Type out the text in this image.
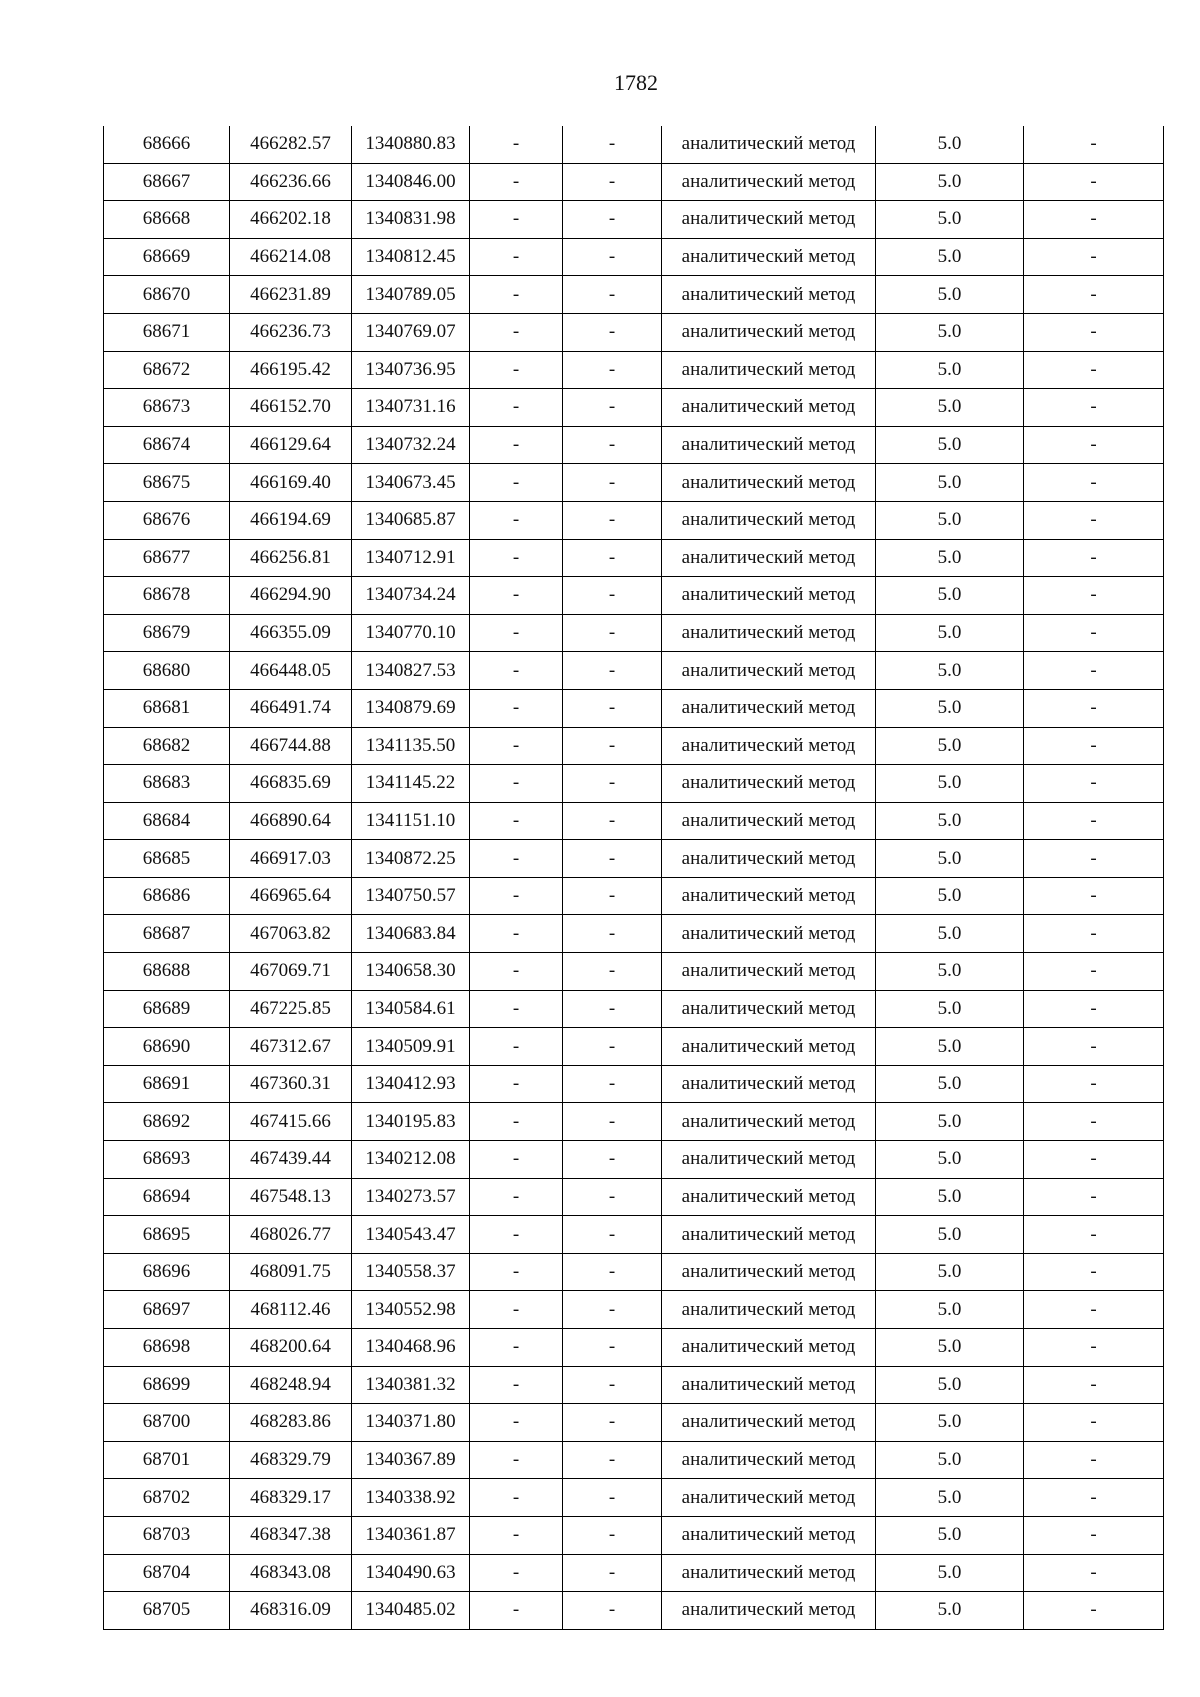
1782
68666	466282.57	1340880.83	-	-	аналитический метод	5.0	-
68667	466236.66	1340846.00	-	-	аналитический метод	5.0	-
68668	466202.18	1340831.98	-	-	аналитический метод	5.0	-
68669	466214.08	1340812.45	-	-	аналитический метод	5.0	-
68670	466231.89	1340789.05	-	-	аналитический метод	5.0	-
68671	466236.73	1340769.07	-	-	аналитический метод	5.0	-
68672	466195.42	1340736.95	-	-	аналитический метод	5.0	-
68673	466152.70	1340731.16	-	-	аналитический метод	5.0	-
68674	466129.64	1340732.24	-	-	аналитический метод	5.0	-
68675	466169.40	1340673.45	-	-	аналитический метод	5.0	-
68676	466194.69	1340685.87	-	-	аналитический метод	5.0	-
68677	466256.81	1340712.91	-	-	аналитический метод	5.0	-
68678	466294.90	1340734.24	-	-	аналитический метод	5.0	-
68679	466355.09	1340770.10	-	-	аналитический метод	5.0	-
68680	466448.05	1340827.53	-	-	аналитический метод	5.0	-
68681	466491.74	1340879.69	-	-	аналитический метод	5.0	-
68682	466744.88	1341135.50	-	-	аналитический метод	5.0	-
68683	466835.69	1341145.22	-	-	аналитический метод	5.0	-
68684	466890.64	1341151.10	-	-	аналитический метод	5.0	-
68685	466917.03	1340872.25	-	-	аналитический метод	5.0	-
68686	466965.64	1340750.57	-	-	аналитический метод	5.0	-
68687	467063.82	1340683.84	-	-	аналитический метод	5.0	-
68688	467069.71	1340658.30	-	-	аналитический метод	5.0	-
68689	467225.85	1340584.61	-	-	аналитический метод	5.0	-
68690	467312.67	1340509.91	-	-	аналитический метод	5.0	-
68691	467360.31	1340412.93	-	-	аналитический метод	5.0	-
68692	467415.66	1340195.83	-	-	аналитический метод	5.0	-
68693	467439.44	1340212.08	-	-	аналитический метод	5.0	-
68694	467548.13	1340273.57	-	-	аналитический метод	5.0	-
68695	468026.77	1340543.47	-	-	аналитический метод	5.0	-
68696	468091.75	1340558.37	-	-	аналитический метод	5.0	-
68697	468112.46	1340552.98	-	-	аналитический метод	5.0	-
68698	468200.64	1340468.96	-	-	аналитический метод	5.0	-
68699	468248.94	1340381.32	-	-	аналитический метод	5.0	-
68700	468283.86	1340371.80	-	-	аналитический метод	5.0	-
68701	468329.79	1340367.89	-	-	аналитический метод	5.0	-
68702	468329.17	1340338.92	-	-	аналитический метод	5.0	-
68703	468347.38	1340361.87	-	-	аналитический метод	5.0	-
68704	468343.08	1340490.63	-	-	аналитический метод	5.0	-
68705	468316.09	1340485.02	-	-	аналитический метод	5.0	-
